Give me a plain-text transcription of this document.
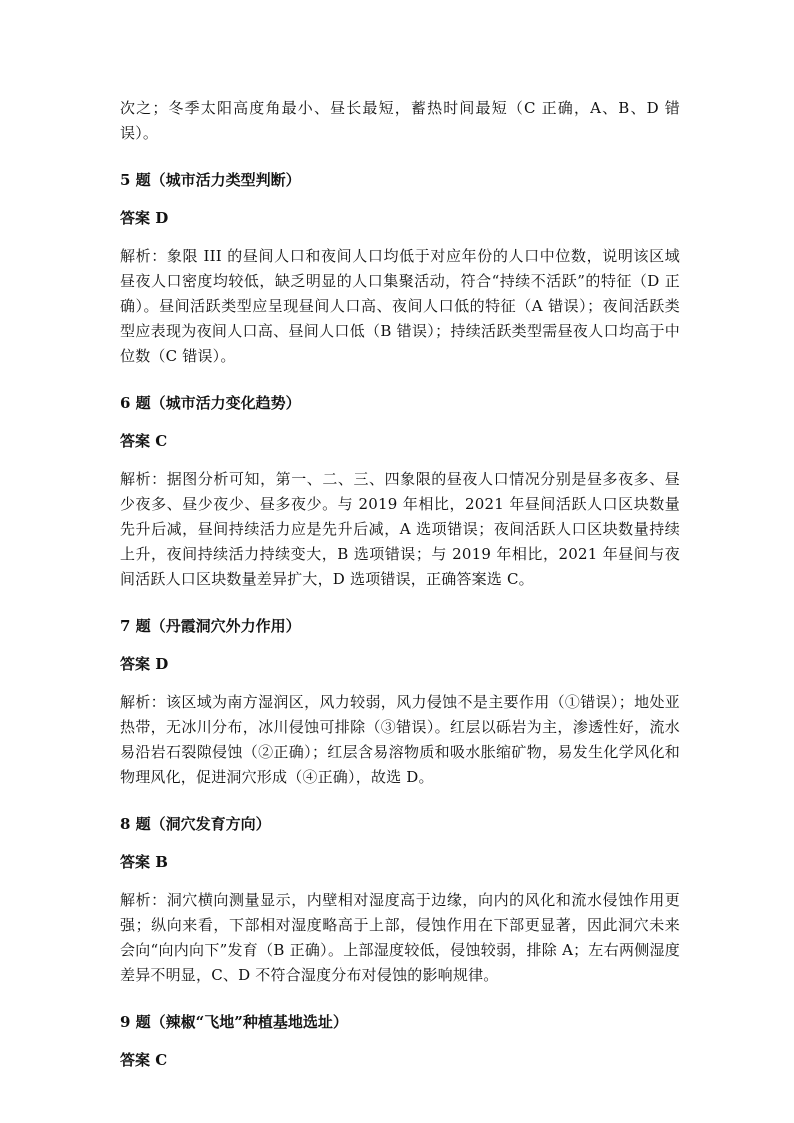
次之；冬季太阳高度角最小、昼长最短，蓄热时间最短（C 正确，A、B、D 错误）。

5 题（城市活力类型判断）

答案 D

解析：象限 III 的昼间人口和夜间人口均低于对应年份的人口中位数，说明该区域昼夜人口密度均较低，缺乏明显的人口集聚活动，符合“持续不活跃”的特征（D 正确）。昼间活跃类型应呈现昼间人口高、夜间人口低的特征（A 错误）；夜间活跃类型应表现为夜间人口高、昼间人口低（B 错误）；持续活跃类型需昼夜人口均高于中位数（C 错误）。

6 题（城市活力变化趋势）

答案 C

解析：据图分析可知，第一、二、三、四象限的昼夜人口情况分别是昼多夜多、昼少夜多、昼少夜少、昼多夜少。与 2019 年相比，2021 年昼间活跃人口区块数量先升后减，昼间持续活力应是先升后减，A 选项错误；夜间活跃人口区块数量持续上升，夜间持续活力持续变大，B 选项错误；与 2019 年相比，2021 年昼间与夜间活跃人口区块数量差异扩大，D 选项错误，正确答案选 C。

7 题（丹霞洞穴外力作用）

答案 D

解析：该区域为南方湿润区，风力较弱，风力侵蚀不是主要作用（①错误）；地处亚热带，无冰川分布，冰川侵蚀可排除（③错误）。红层以砾岩为主，渗透性好，流水易沿岩石裂隙侵蚀（②正确）；红层含易溶物质和吸水胀缩矿物，易发生化学风化和物理风化，促进洞穴形成（④正确），故选 D。

8 题（洞穴发育方向）

答案 B

解析：洞穴横向测量显示，内壁相对湿度高于边缘，向内的风化和流水侵蚀作用更强；纵向来看，下部相对湿度略高于上部，侵蚀作用在下部更显著，因此洞穴未来会向“向内向下”发育（B 正确）。上部湿度较低，侵蚀较弱，排除 A；左右两侧湿度差异不明显，C、D 不符合湿度分布对侵蚀的影响规律。

9 题（辣椒“飞地”种植基地选址）

答案 C
